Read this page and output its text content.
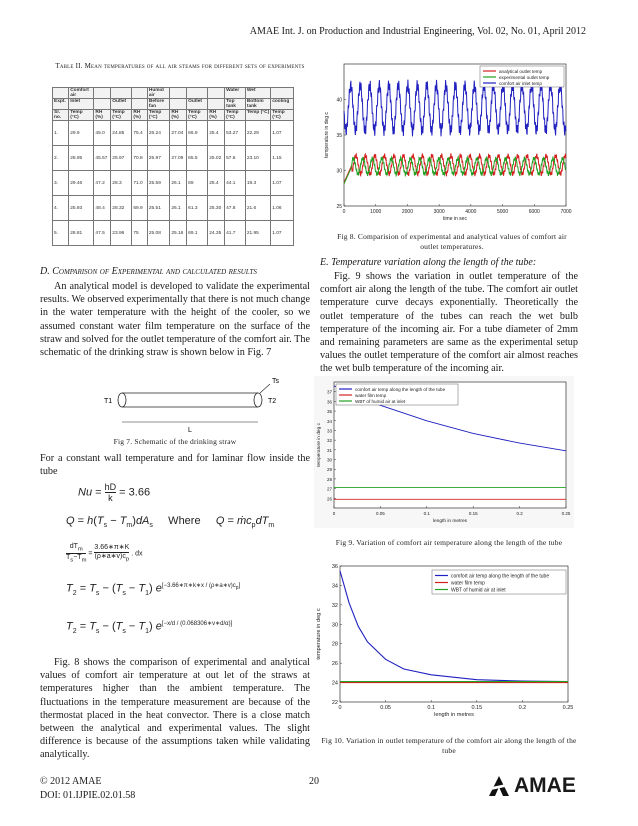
AMAE Int. J. on Production and Industrial Engineering, Vol. 02, No. 01, April 2012
Table II. Mean temperatures of all air steams for different sets of experiments
	Comfort air				Humid air				Water	Wet	
Expt.	Inlet		Outlet		Before fan		Outlet		Top tank	Bottom tank	cooling
Sr. no.	Temp (°C)	RH (%)	Temp (°C)	RH (%)	Temp (°C)	RH (%)	Temp (°C)	RH (%)	Temp (°C)	Temp (°C)	Temp (°C)
1.	29.9	45.0	24.85	75.4	26.24	27.04	66.9	25.4	53.27	22.29	1.07
2.	28.95	45.57	25.97	70.8	25.97	27.09	65.5	25.02	57.6	23.10	1.15
3.	29.46	47.2	28.3	71.0	25.59	26.1	69	25.4	44.1	19.3	1.07
4.	25.93	48.4	28.32	69.9	25.51	26.1	61.3	25.30	47.8	21.6	1.06
5.	28.81	47.5	23.96	75	25.08	25.16	69.1	24.35	41.7	21.95	1.07
D. Comparison of Experimental and calculated results
An analytical model is developed to validate the experimental results. We observed experimentally that there is not much change in the water temperature with the height of the cooler, so we assumed constant water film temperature on the surface of the straw and solved for the outlet temperature of the comfort air. The schematic of the drinking straw is shown below in Fig. 7
Ts
T1	T2
L
Fig 7. Schematic of the drinking straw
For a constant wall temperature and for laminar flow inside the tube
$Nu = \frac{hD}{k} = 3.66$
$Q = h(T_s - T_m)dA_s$     Where     $Q = ṁc_pdT_m$
$dT_m$
$T_s-T_m$
= $\frac{3.66∗\pi∗K}{(\rho∗a∗v)c_p}$ . dx
$T_2 = T_s - (T_s - T_1)$ e[−3.66∗π∗k∗x / (ρ∗a∗v)cp]
$T_2 = T_s - (T_s - T_1)$ e[−x/d / (0.068306∗v∗d/α)]
Fig. 8 shows the comparison of experimental and analytical values of comfort air temperature at out let of the straws at temperatures higher than the ambient temperature. The fluctuations in the temperature measurement are because of the thermostat placed in the heat convector. There is a close match between the analytical and experimental values. The slight difference is because of the assumptions taken while validating analytically.
0	1000	2000	3000	4000	5000	6000	7000
25
30
35
40
time in sec
temperature in deg c
analytical outlet temp
experimental outlet temp
comfort air inlet temp
Fig 8. Comparision of experimental and analytical values of comfort air outlet temperatures.
E. Temperature variation along the length of the tube:
Fig. 9 shows the variation in outlet temperature of the comfort air along the length of the tube. The comfort air outlet temperature curve decays exponentially. Theoretically the outlet temperature of the tubes can reach the wet bulb temperature of the incoming air. For a tube diameter of 2mm and remaining parameters are same as the experimental setup values the outlet temperature of the comfort air almost reaches the wet bulb temperature of the incoming air.
0	0.05	0.1	0.15	0.2	0.25
26
27
28
29
30
31
32
33
34
35
36
37
length in metres
temperature in deg c
comfort air temp along the length of the tube
water film temp
WBT of humid air at inlet
Fig 9. Variation of comfort air temperature along the length of the tube
0	0.05	0.1	0.15	0.2	0.25
22
24
26
28
30
32
34
36
length in metres
temperature in deg c
comfort air temp along the length of the tube
water film temp
WBT of humid air at inlet
Fig 10. Variation in outlet temperature of the comfort air along the length of the tube
© 2012 AMAE
DOI: 01.IJPIE.02.01.58
20	AMAE
